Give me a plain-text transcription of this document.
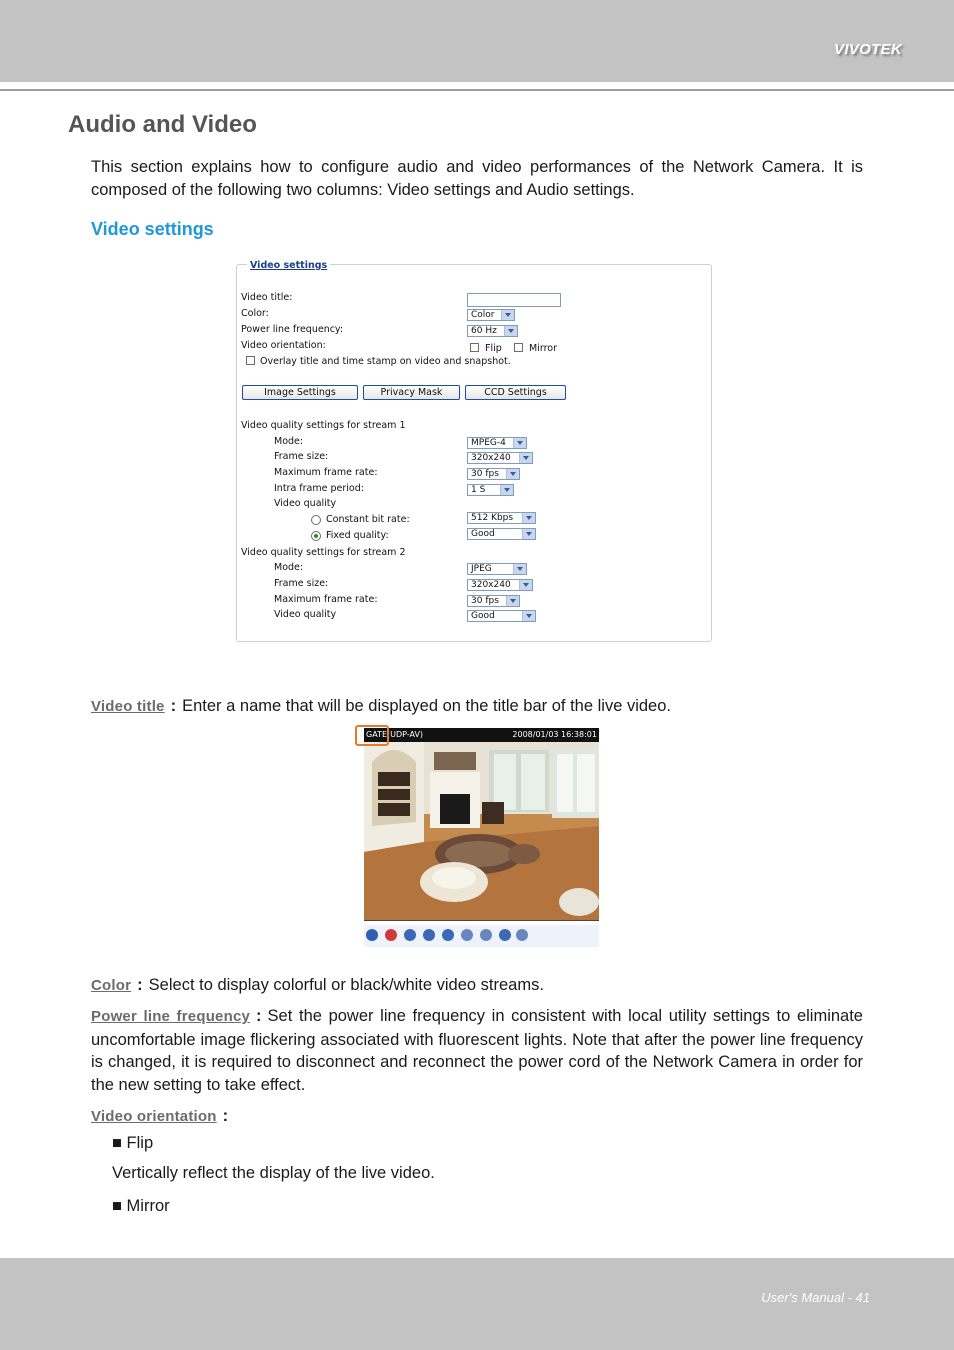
VIVOTEK
Audio and Video
This section explains how to configure audio and video performances of the Network Camera. It is composed of the following two columns: Video settings and Audio settings.
Video settings
Video settings
Video title:
Color:	Color
Power line frequency:	60 Hz
Video orientation:	Flip	Mirror
Overlay title and time stamp on video and snapshot.
Image Settings	Privacy Mask	CCD Settings
Video quality settings for stream 1
Mode:	MPEG-4
Frame size:	320x240
Maximum frame rate:	30 fps
Intra frame period:	1 S
Video quality
Constant bit rate:	512 Kbps
Fixed quality:	Good
Video quality settings for stream 2
Mode:	JPEG
Frame size:	320x240
Maximum frame rate:	30 fps
Video quality	Good
Video title : Enter a name that will be displayed on the title bar of the live video.
GATE(UDP-AV)	2008/01/03 16:38:01
Color : Select to display colorful or black/white video streams.
Power line frequency : Set the power line frequency in consistent with local utility settings to eliminate uncomfortable image flickering associated with fluorescent lights. Note that after the power line frequency is changed, it is required to disconnect and reconnect the power cord of the Network Camera in order for the new setting to take effect.
Video orientation :
■ Flip
Vertically reflect the display of the live video.
■ Mirror
User's Manual - 41
